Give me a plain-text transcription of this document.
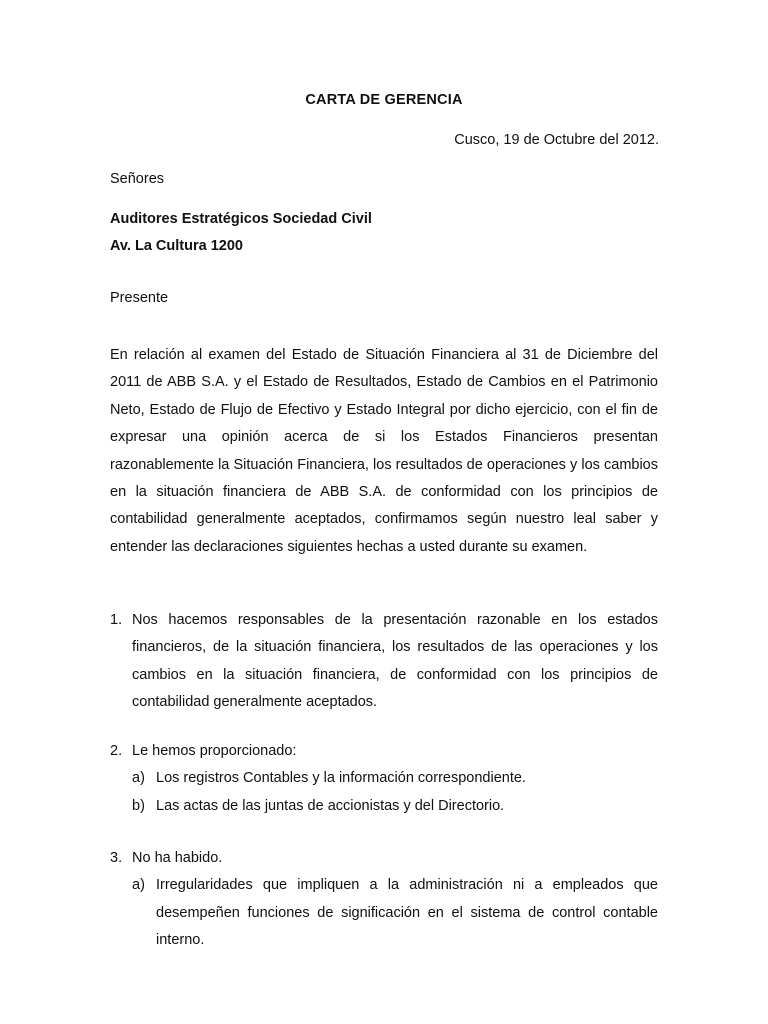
CARTA DE GERENCIA
Cusco, 19 de Octubre del 2012.
Señores
Auditores Estratégicos Sociedad Civil
Av. La Cultura 1200
Presente
En relación al examen del Estado de Situación Financiera al 31 de Diciembre del 2011 de ABB S.A. y el Estado de Resultados, Estado de Cambios en el Patrimonio Neto, Estado de Flujo de Efectivo y Estado Integral por dicho ejercicio, con el fin de expresar una opinión acerca de si los Estados Financieros presentan razonablemente la Situación Financiera, los resultados de operaciones y los cambios en la situación financiera de ABB S.A. de conformidad con los principios de contabilidad generalmente aceptados, confirmamos según nuestro leal saber y entender las declaraciones siguientes hechas a usted durante su examen.
1. Nos hacemos responsables de la presentación razonable en los estados financieros, de la situación financiera, los resultados de las operaciones y los cambios en la situación financiera, de conformidad con los principios de contabilidad generalmente aceptados.
2. Le hemos proporcionado:
a) Los registros Contables y la información correspondiente.
b) Las actas de las juntas de accionistas y del Directorio.
3. No ha habido.
a) Irregularidades que impliquen a la administración ni a empleados que desempeñen funciones de significación en el sistema de control contable interno.
